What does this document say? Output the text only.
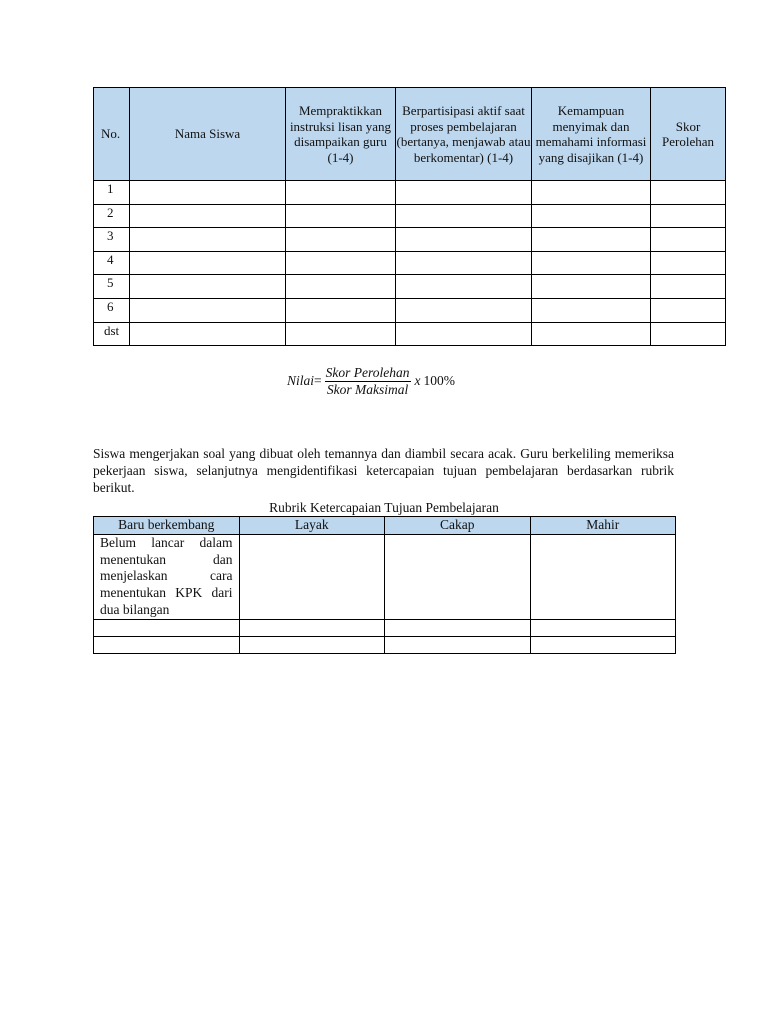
No.	Nama Siswa	Mempraktikkan instruksi lisan yang disampaikan guru (1-4)	Berpartisipasi aktif saat proses pembelajaran (bertanya, menjawab atau berkomentar) (1-4)	Kemampuan menyimak dan memahami informasi yang disajikan (1-4)	Skor Perolehan
1					
2					
3					
4					
5					
6					
dst					
Nilai = $\frac{\text{Skor Perolehan}}{\text{Skor Maksimal}}$ x 100 %

Siswa mengerjakan soal yang dibuat oleh temannya dan diambil secara acak. Guru berkeliling memeriksa pekerjaan siswa, selanjutnya mengidentifikasi ketercapaian tujuan pembelajaran berdasarkan rubrik berikut.

Rubrik Ketercapaian Tujuan Pembelajaran
Baru berkembang	Layak	Cakap	Mahir
Belum lancar dalam menentukan dan menjelaskan cara menentukan KPK dari dua bilangan			
